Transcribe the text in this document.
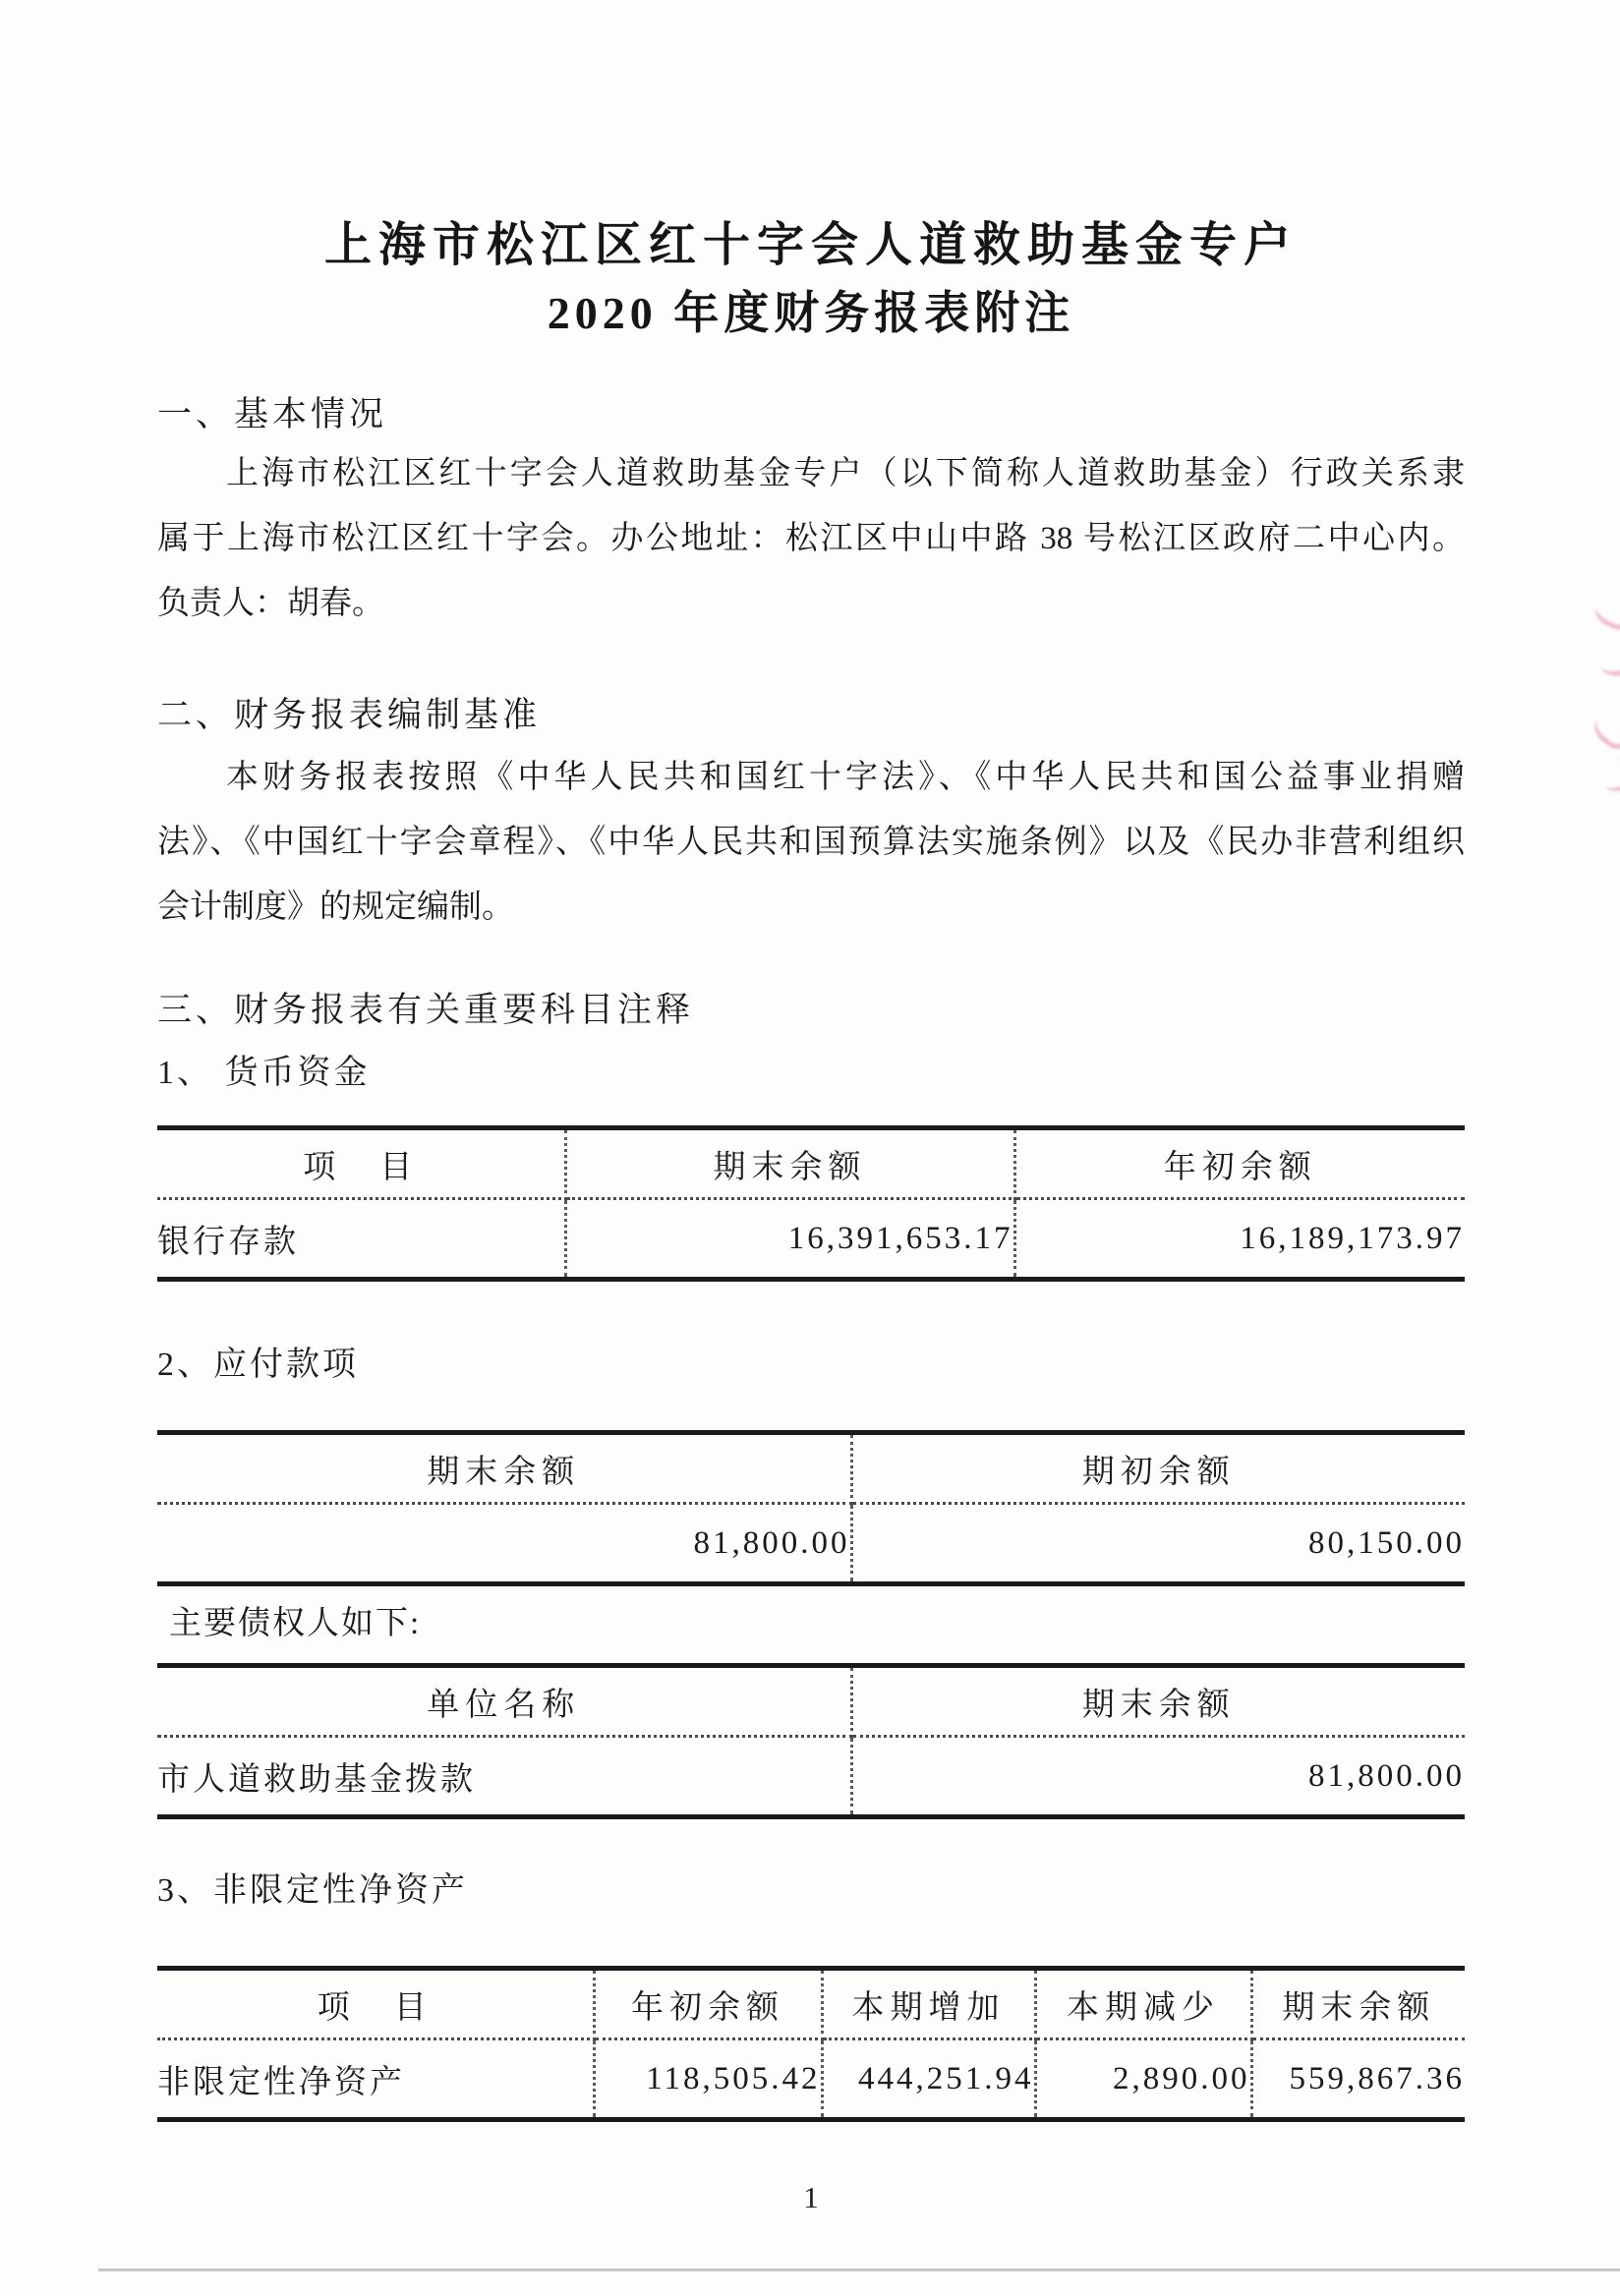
上海市松江区红十字会人道救助基金专户
2020 年度财务报表附注
一、基本情况
上海市松江区红十字会人道救助基金专户（以下简称人道救助基金）行政关系隶
属于上海市松江区红十字会。办公地址：松江区中山中路 38 号松江区政府二中心内。
负责人：胡春。
二、财务报表编制基准
本财务报表按照《中华人民共和国红十字法》、《中华人民共和国公益事业捐赠
法》、《中国红十字会章程》、《中华人民共和国预算法实施条例》以及《民办非营利组织
会计制度》的规定编制。
三、财务报表有关重要科目注释
1、 货币资金
项　目	期末余额	年初余额
银行存款	16,391,653.17	16,189,173.97
2、应付款项
期末余额	期初余额
81,800.00	80,150.00
主要债权人如下:
单位名称	期末余额
市人道救助基金拨款	81,800.00
3、非限定性净资产
项　目	年初余额	本期增加	本期减少	期末余额
非限定性净资产	118,505.42	444,251.94	2,890.00	559,867.36
1
